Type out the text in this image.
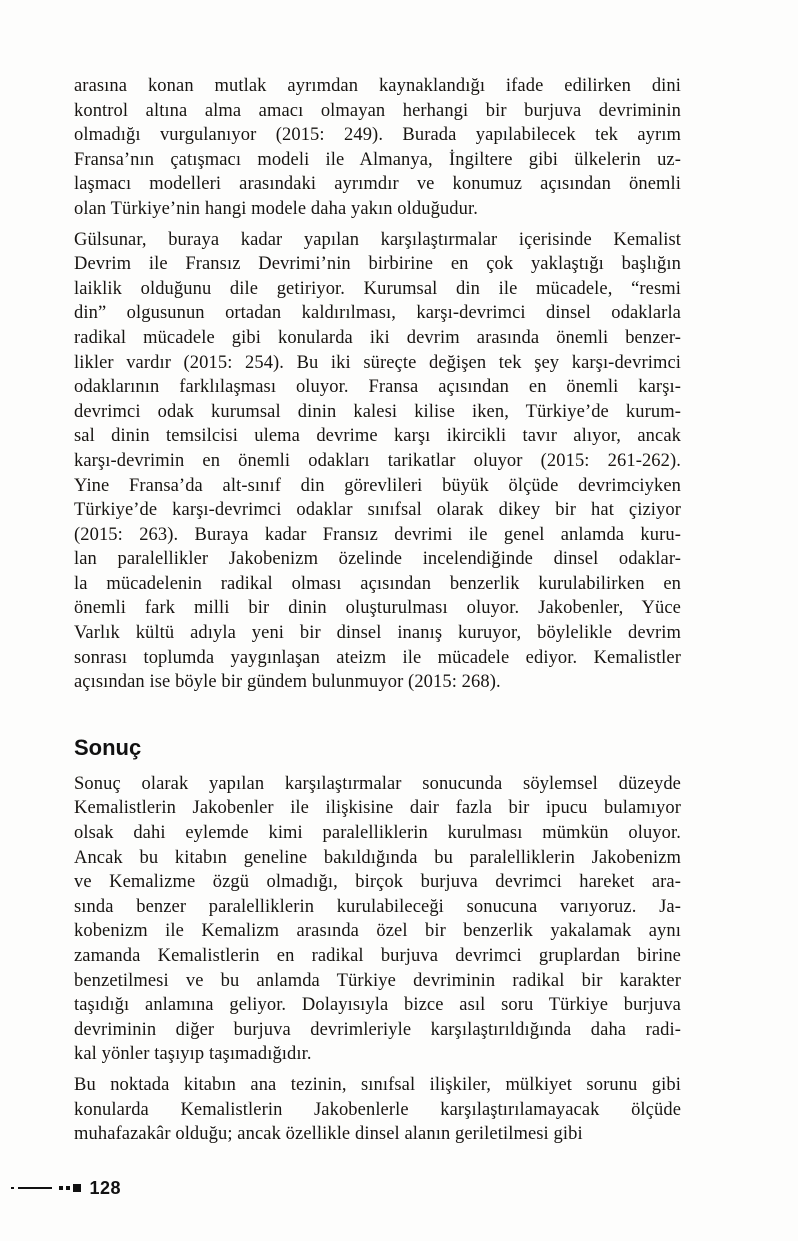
arasına konan mutlak ayrımdan kaynaklandığı ifade edilirken dini
kontrol altına alma amacı olmayan herhangi bir burjuva devriminin
olmadığı vurgulanıyor (2015: 249). Burada yapılabilecek tek ayrım
Fransa’nın çatışmacı modeli ile Almanya, İngiltere gibi ülkelerin uz-
laşmacı modelleri arasındaki ayrımdır ve konumuz açısından önemli
olan Türkiye’nin hangi modele daha yakın olduğudur.
Gülsunar, buraya kadar yapılan karşılaştırmalar içerisinde Kemalist
Devrim ile Fransız Devrimi’nin birbirine en çok yaklaştığı başlığın
laiklik olduğunu dile getiriyor. Kurumsal din ile mücadele, “resmi
din” olgusunun ortadan kaldırılması, karşı-devrimci dinsel odaklarla
radikal mücadele gibi konularda iki devrim arasında önemli benzer-
likler vardır (2015: 254). Bu iki süreçte değişen tek şey karşı-devrimci
odaklarının farklılaşması oluyor. Fransa açısından en önemli karşı-
devrimci odak kurumsal dinin kalesi kilise iken, Türkiye’de kurum-
sal dinin temsilcisi ulema devrime karşı ikircikli tavır alıyor, ancak
karşı-devrimin en önemli odakları tarikatlar oluyor (2015: 261-262).
Yine Fransa’da alt-sınıf din görevlileri büyük ölçüde devrimciyken
Türkiye’de karşı-devrimci odaklar sınıfsal olarak dikey bir hat çiziyor
(2015: 263). Buraya kadar Fransız devrimi ile genel anlamda kuru-
lan paralellikler Jakobenizm özelinde incelendiğinde dinsel odaklar-
la mücadelenin radikal olması açısından benzerlik kurulabilirken en
önemli fark milli bir dinin oluşturulması oluyor. Jakobenler, Yüce
Varlık kültü adıyla yeni bir dinsel inanış kuruyor, böylelikle devrim
sonrası toplumda yaygınlaşan ateizm ile mücadele ediyor. Kemalistler
açısından ise böyle bir gündem bulunmuyor (2015: 268).
Sonuç
Sonuç olarak yapılan karşılaştırmalar sonucunda söylemsel düzeyde
Kemalistlerin Jakobenler ile ilişkisine dair fazla bir ipucu bulamıyor
olsak dahi eylemde kimi paralelliklerin kurulması mümkün oluyor.
Ancak bu kitabın geneline bakıldığında bu paralelliklerin Jakobenizm
ve Kemalizme özgü olmadığı, birçok burjuva devrimci hareket ara-
sında benzer paralelliklerin kurulabileceği sonucuna varıyoruz. Ja-
kobenizm ile Kemalizm arasında özel bir benzerlik yakalamak aynı
zamanda Kemalistlerin en radikal burjuva devrimci gruplardan birine
benzetilmesi ve bu anlamda Türkiye devriminin radikal bir karakter
taşıdığı anlamına geliyor. Dolayısıyla bizce asıl soru Türkiye burjuva
devriminin diğer burjuva devrimleriyle karşılaştırıldığında daha radi-
kal yönler taşıyıp taşımadığıdır.
Bu noktada kitabın ana tezinin, sınıfsal ilişkiler, mülkiyet sorunu gibi
konularda Kemalistlerin Jakobenlerle karşılaştırılamayacak ölçüde
muhafazakâr olduğu; ancak özellikle dinsel alanın geriletilmesi gibi
128
